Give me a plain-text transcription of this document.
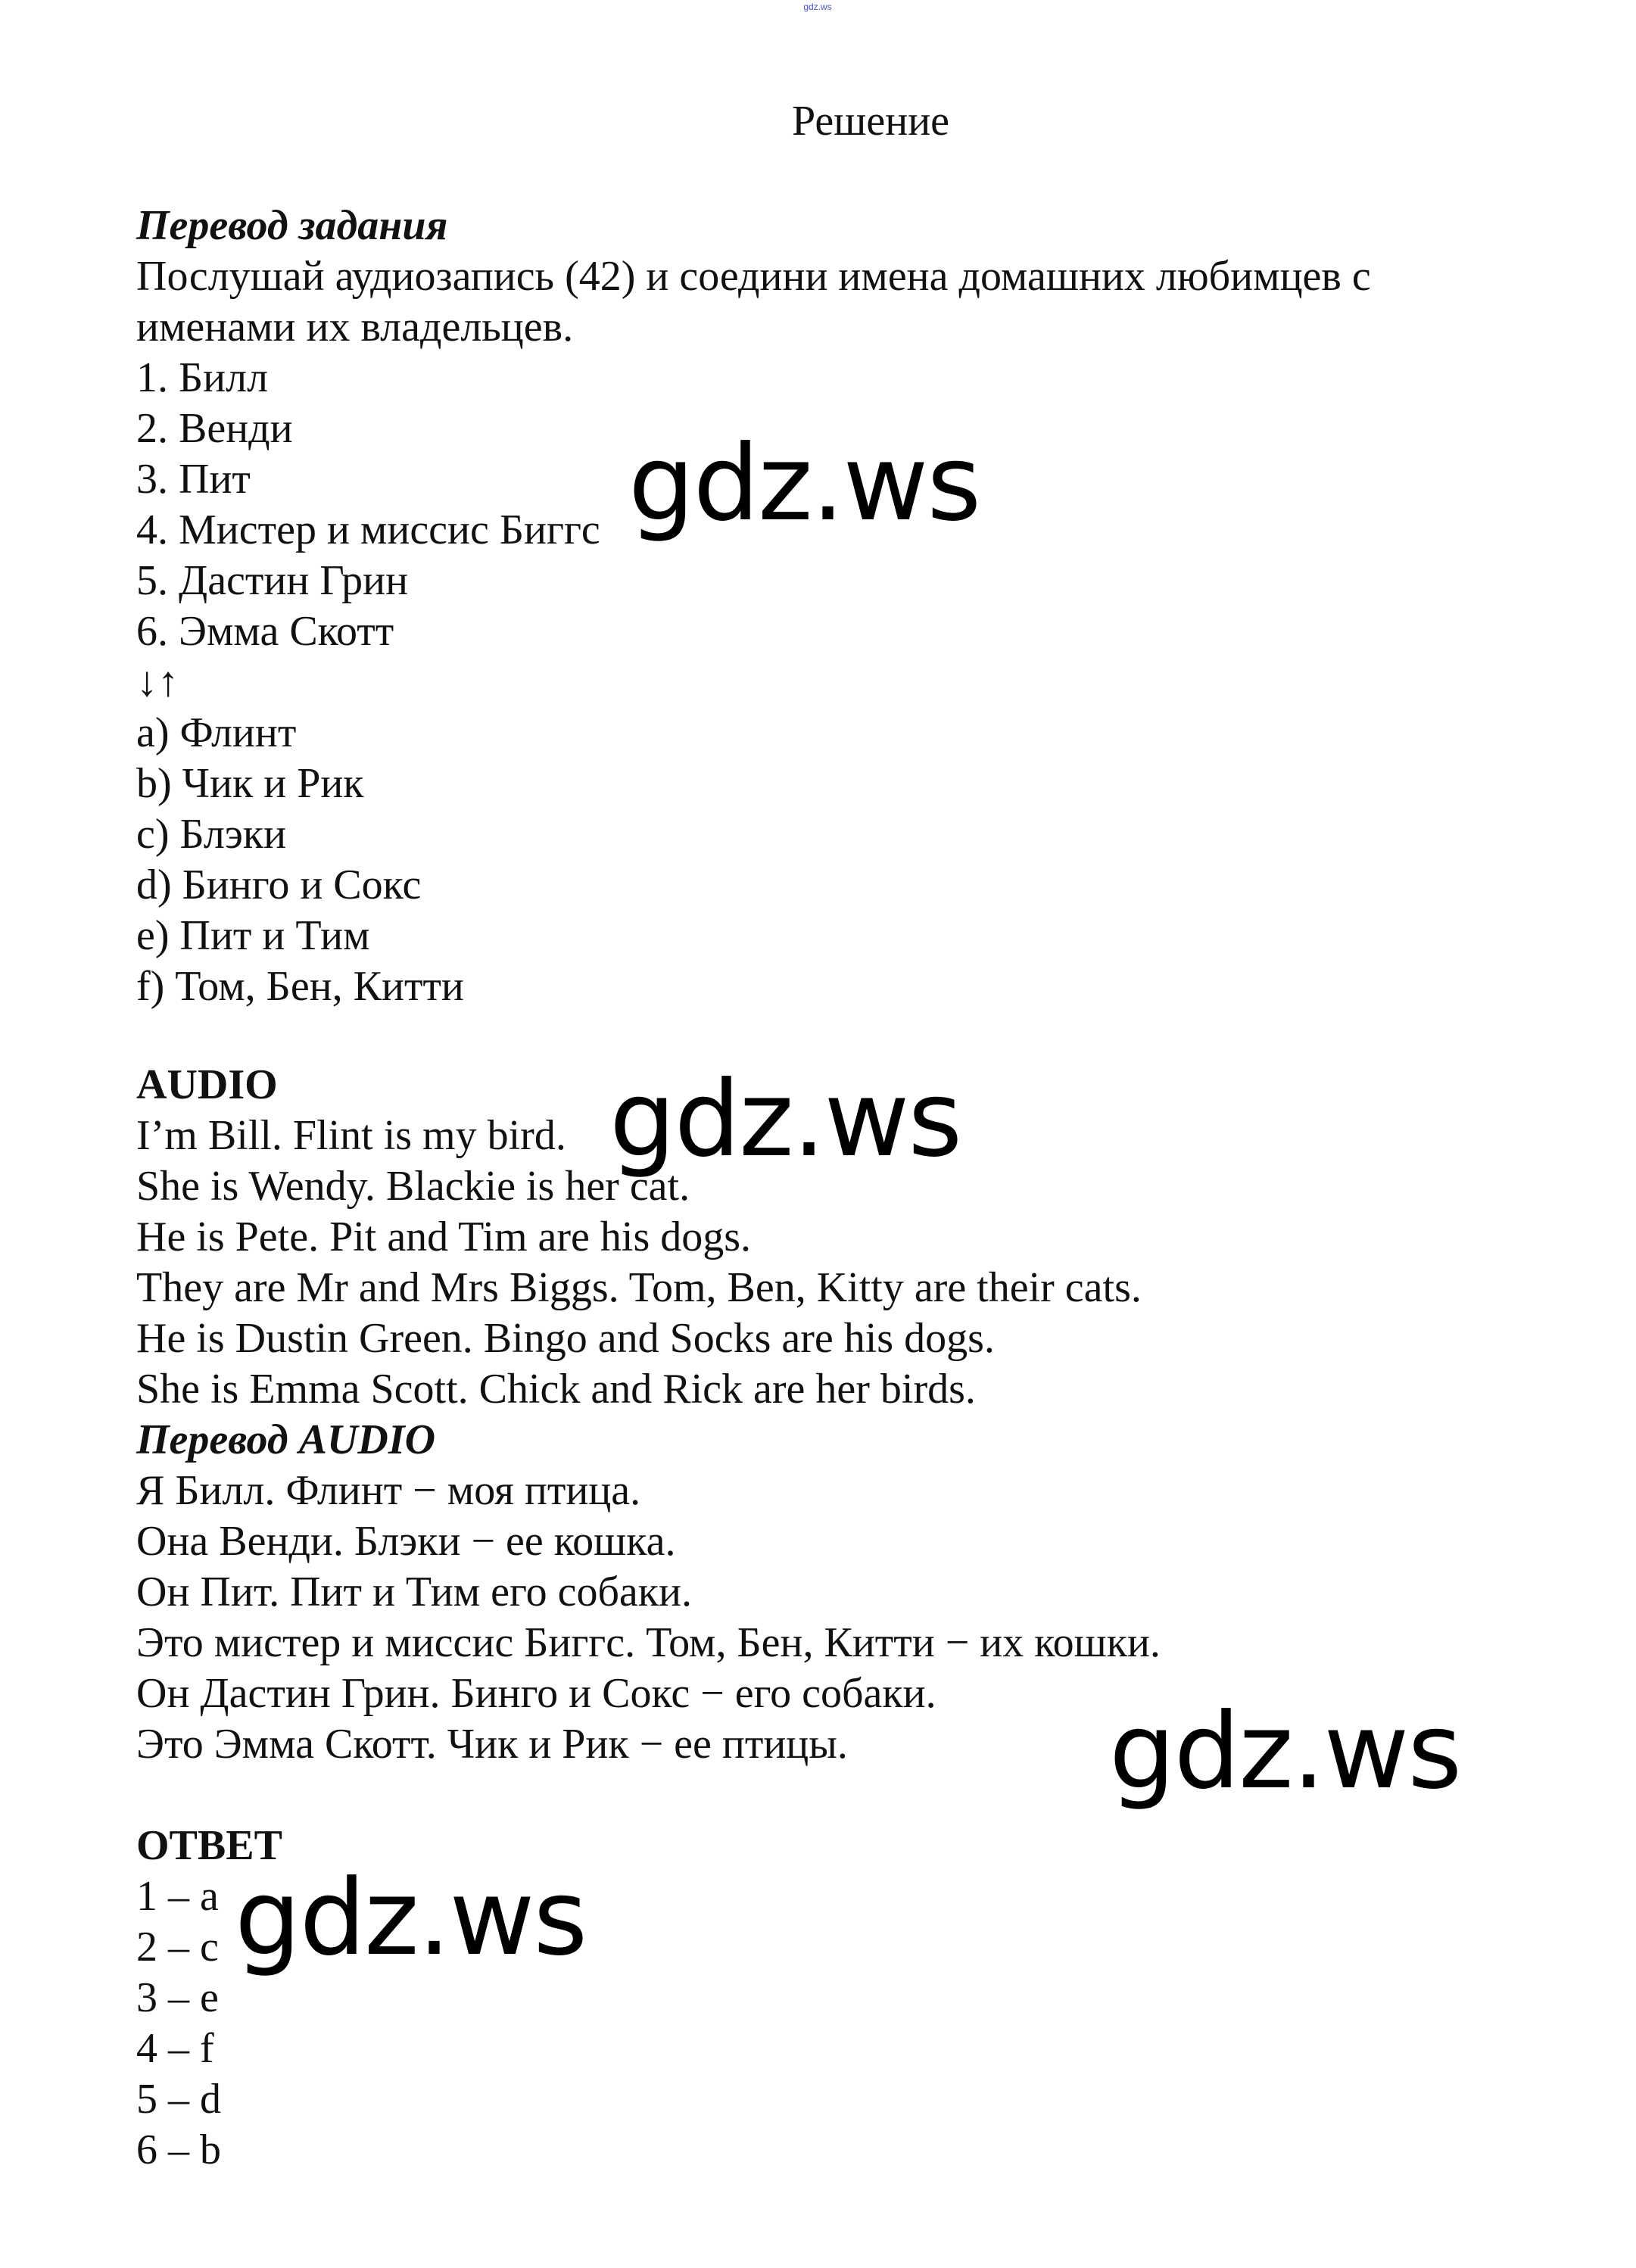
gdz.ws
Решение
Перевод задания
Послушай аудиозапись (42) и соедини имена домашних любимцев с именами их владельцев.
1. Билл
2. Венди
3. Пит
4. Мистер и миссис Биггс
5. Дастин Грин
6. Эмма Скотт
↓↑
a) Флинт
b) Чик и Рик
c) Блэки
d) Бинго и Сокс
e) Пит и Тим
f) Том, Бен, Китти
AUDIO
I’m Bill. Flint is my bird.
She is Wendy. Blackie is her cat.
He is Pete. Pit and Tim are his dogs.
They are Mr and Mrs Biggs. Tom, Ben, Kitty are their cats.
He is Dustin Green. Bingo and Socks are his dogs.
She is Emma Scott. Chick and Rick are her birds.
Перевод AUDIO
Я Билл. Флинт − моя птица.
Она Венди. Блэки − ее кошка.
Он Пит. Пит и Тим его собаки.
Это мистер и миссис Биггс. Том, Бен, Китти − их кошки.
Он Дастин Грин. Бинго и Сокс − его собаки.
Это Эмма Скотт. Чик и Рик − ее птицы.
ОТВЕТ
1 – a
2 – c
3 – e
4 – f
5 – d
6 – b
gdz.ws
gdz.ws
gdz.ws
gdz.ws
